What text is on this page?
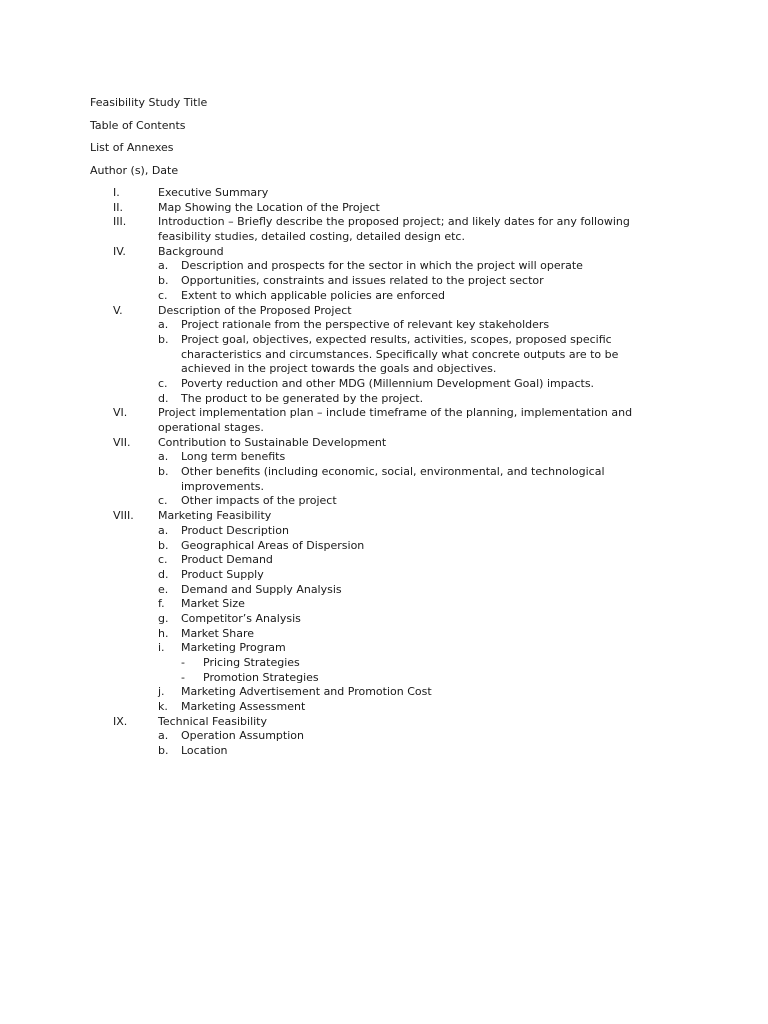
Feasibility Study Title
Table of Contents
List of Annexes
Author (s), Date
I.	Executive Summary
II.	Map Showing the Location of the Project
III.	Introduction – Briefly describe the proposed project; and likely dates for any following
feasibility studies, detailed costing, detailed design etc.
IV.	Background
a. Description and prospects for the sector in which the project will operate
b. Opportunities, constraints and issues related to the project sector
c. Extent to which applicable policies are enforced
V.	Description of the Proposed Project
a. Project rationale from the perspective of relevant key stakeholders
b. Project goal, objectives, expected results, activities, scopes, proposed specific
characteristics and circumstances. Specifically what concrete outputs are to be
achieved in the project towards the goals and objectives.
c. Poverty reduction and other MDG (Millennium Development Goal) impacts.
d. The product to be generated by the project.
VI.	Project implementation plan – include timeframe of the planning, implementation and
operational stages.
VII. Contribution to Sustainable Development
a. Long term benefits
b. Other benefits (including economic, social, environmental, and technological
improvements.
c. Other impacts of the project
VIII. Marketing Feasibility
a. Product Description
b. Geographical Areas of Dispersion
c. Product Demand
d. Product Supply
e. Demand and Supply Analysis
f. Market Size
g. Competitor’s Analysis
h. Market Share
i. Marketing Program
- Pricing Strategies
- Promotion Strategies
j. Marketing Advertisement and Promotion Cost
k. Marketing Assessment
IX.	Technical Feasibility
a. Operation Assumption
b. Location
